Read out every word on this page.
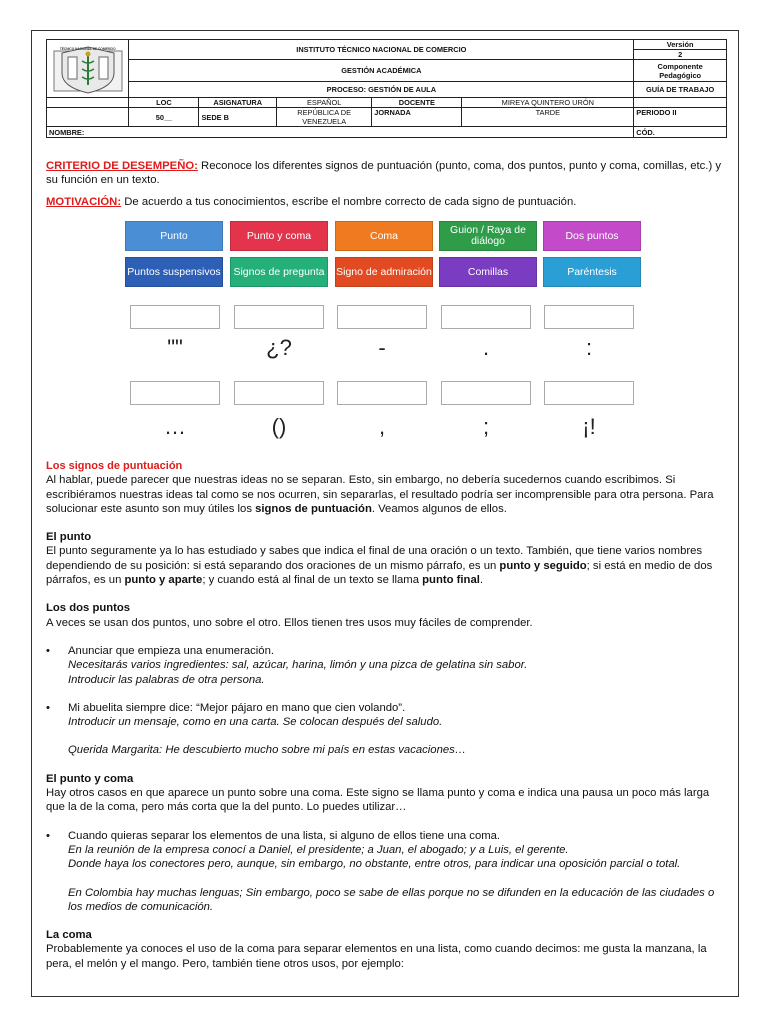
TÉCNICO NACIONAL DE COMERCIO	INSTITUTO TÉCNICO NACIONAL DE COMERCIO					Versión
2

	GESTIÓN ACADÉMICA					Componente Pedagógico
	PROCESO: GESTIÓN DE AULA					GUÍA DE TRABAJO
	LOC	ASIGNATURA	ESPAÑOL	DOCENTE	MIREYA QUINTERO URÓN	
	50__	SEDE B	REPÚBLICA DE VENEZUELA	JORNADA	TARDE	PERIODO II
NOMBRE:						CÓD.

CRITERIO DE DESEMPEÑO: Reconoce los diferentes signos de puntuación (punto, coma, dos puntos, punto y coma, comillas, etc.) y su función en un texto.

MOTIVACIÓN: De acuerdo a tus conocimientos, escribe el nombre correcto de cada signo de puntuación.

Punto	Punto y coma	Coma	Guion / Raya de diálogo	Dos puntos
Puntos suspensivos	Signos de pregunta	Signo de admiración	Comillas	Paréntesis
""	¿?	-	.	:
…	()	,	;	¡!

Los signos de puntuación

Al hablar, puede parecer que nuestras ideas no se separan. Esto, sin embargo, no debería sucedernos cuando escribimos. Si escribiéramos nuestras ideas tal como se nos ocurren, sin separarlas, el resultado podría ser incomprensible para otra persona. Para solucionar este asunto son muy útiles los signos de puntuación. Veamos algunos de ellos.

El punto

El punto seguramente ya lo has estudiado y sabes que indica el final de una oración o un texto. También, que tiene varios nombres dependiendo de su posición: si está separando dos oraciones de un mismo párrafo, es un punto y seguido; si está en medio de dos párrafos, es un punto y aparte; y cuando está al final de un texto se llama punto final.

Los dos puntos

A veces se usan dos puntos, uno sobre el otro. Ellos tienen tres usos muy fáciles de comprender.

•	Anunciar que empieza una enumeración.

Necesitarás varios ingredientes: sal, azúcar, harina, limón y una pizca de gelatina sin sabor.

Introducir las palabras de otra persona.

•	Mi abuelita siempre dice: “Mejor pájaro en mano que cien volando”.

Introducir un mensaje, como en una carta. Se colocan después del saludo.

Querida Margarita: He descubierto mucho sobre mi país en estas vacaciones…

El punto y coma

Hay otros casos en que aparece un punto sobre una coma. Este signo se llama punto y coma e indica una pausa un poco más larga que la de la coma, pero más corta que la del punto. Lo puedes utilizar…

•	Cuando quieras separar los elementos de una lista, si alguno de ellos tiene una coma.

En la reunión de la empresa conocí a Daniel, el presidente; a Juan, el abogado; y a Luis, el gerente.

Donde haya los conectores pero, aunque, sin embargo, no obstante, entre otros, para indicar una oposición parcial o total.

En Colombia hay muchas lenguas; Sin embargo, poco se sabe de ellas porque no se difunden en la educación de las ciudades o los medios de comunicación.

La coma

Probablemente ya conoces el uso de la coma para separar elementos en una lista, como cuando decimos: me gusta la manzana, la pera, el melón y el mango. Pero, también tiene otros usos, por ejemplo:
